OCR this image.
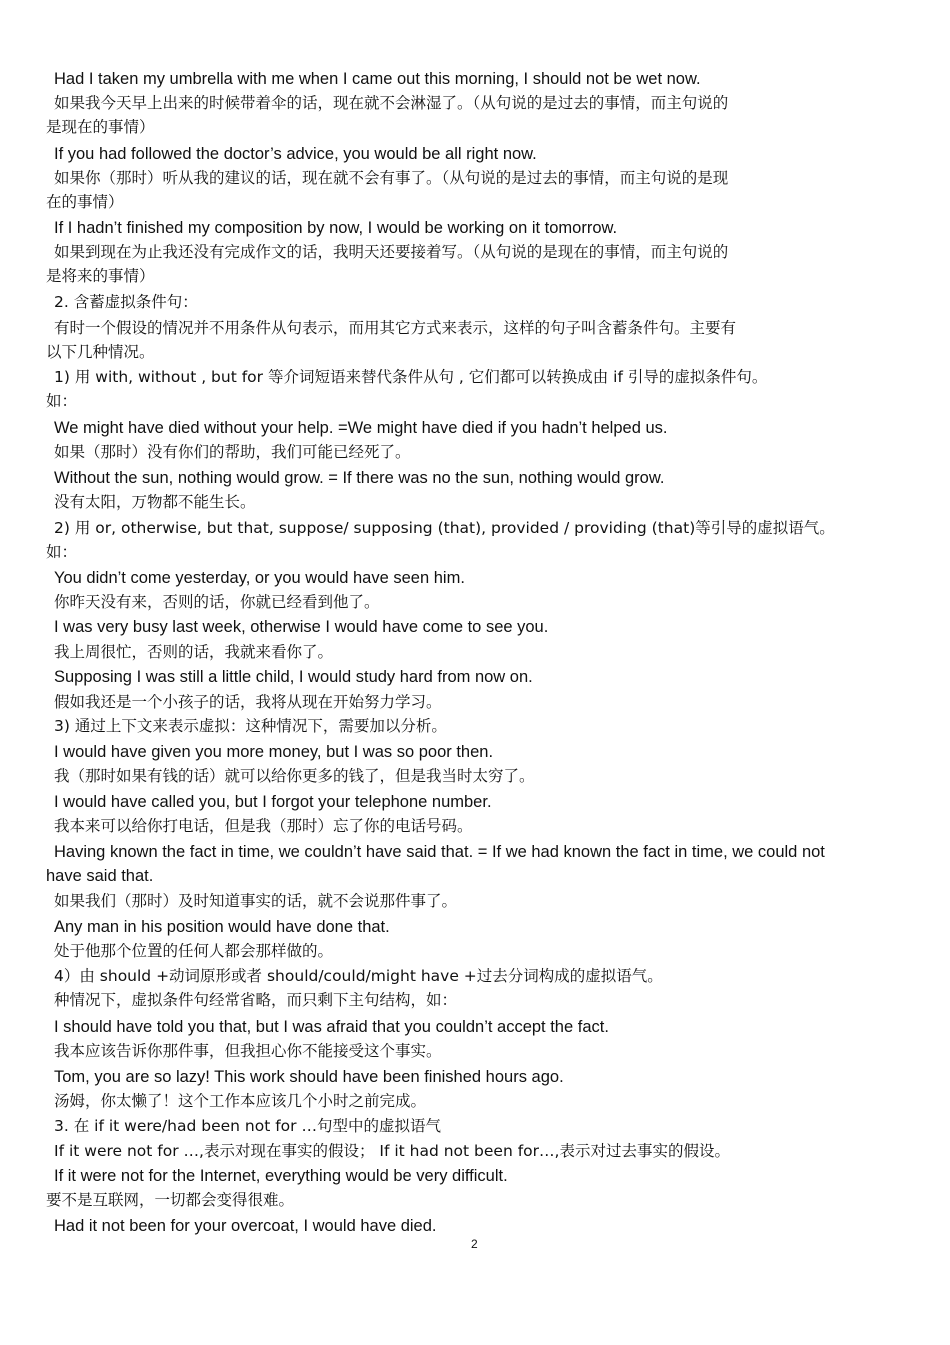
Had I taken my umbrella with me when I came out this morning, I should not be wet now.
如果我今天早上出来的时候带着伞的话，现在就不会淋湿了。（从句说的是过去的事情，而主句说的
是现在的事情）
If you had followed the doctor’s advice, you would be all right now.
如果你（那时）听从我的建议的话，现在就不会有事了。（从句说的是过去的事情，而主句说的是现
在的事情）
If I hadn’t finished my composition by now, I would be working on it tomorrow.
如果到现在为止我还没有完成作文的话，我明天还要接着写。（从句说的是现在的事情，而主句说的
是将来的事情）
2. 含蓄虚拟条件句：
有时一个假设的情况并不用条件从句表示，而用其它方式来表示，这样的句子叫含蓄条件句。主要有
以下几种情况。
1) 用 with, without , but for 等介词短语来替代条件从句 , 它们都可以转换成由 if 引导的虚拟条件句。
如：
We might have died without your help. =We might have died if you hadn’t helped us.
如果（那时）没有你们的帮助，我们可能已经死了。
Without the sun, nothing would grow. = If there was no the sun, nothing would grow.
没有太阳，万物都不能生长。
2) 用 or, otherwise, but that, suppose/ supposing (that), provided / providing (that)等引导的虚拟语气。
如：
You didn’t come yesterday, or you would have seen him.
你昨天没有来，否则的话，你就已经看到他了。
I was very busy last week, otherwise I would have come to see you.
我上周很忙，否则的话，我就来看你了。
Supposing I was still a little child, I would study hard from now on.
假如我还是一个小孩子的话，我将从现在开始努力学习。
3) 通过上下文来表示虚拟：这种情况下，需要加以分析。
I would have given you more money, but I was so poor then.
我（那时如果有钱的话）就可以给你更多的钱了，但是我当时太穷了。
I would have called you, but I forgot your telephone number.
我本来可以给你打电话，但是我（那时）忘了你的电话号码。
Having known the fact in time, we couldn’t have said that. = If we had known the fact in time, we could not
have said that.
如果我们（那时）及时知道事实的话，就不会说那件事了。
Any man in his position would have done that.
处于他那个位置的任何人都会那样做的。
4）由 should +动词原形或者 should/could/might have +过去分词构成的虚拟语气。
种情况下，虚拟条件句经常省略，而只剩下主句结构，如：
I should have told you that, but I was afraid that you couldn’t accept the fact.
我本应该告诉你那件事，但我担心你不能接受这个事实。
Tom, you are so lazy! This work should have been finished hours ago.
汤姆，你太懒了！这个工作本应该几个小时之前完成。
3. 在 if it were/had been not for …句型中的虚拟语气
If it were not for …,表示对现在事实的假设； If it had not been for…,表示对过去事实的假设。
If it were not for the Internet, everything would be very difficult.
要不是互联网，一切都会变得很难。
Had it not been for your overcoat, I would have died.
2
